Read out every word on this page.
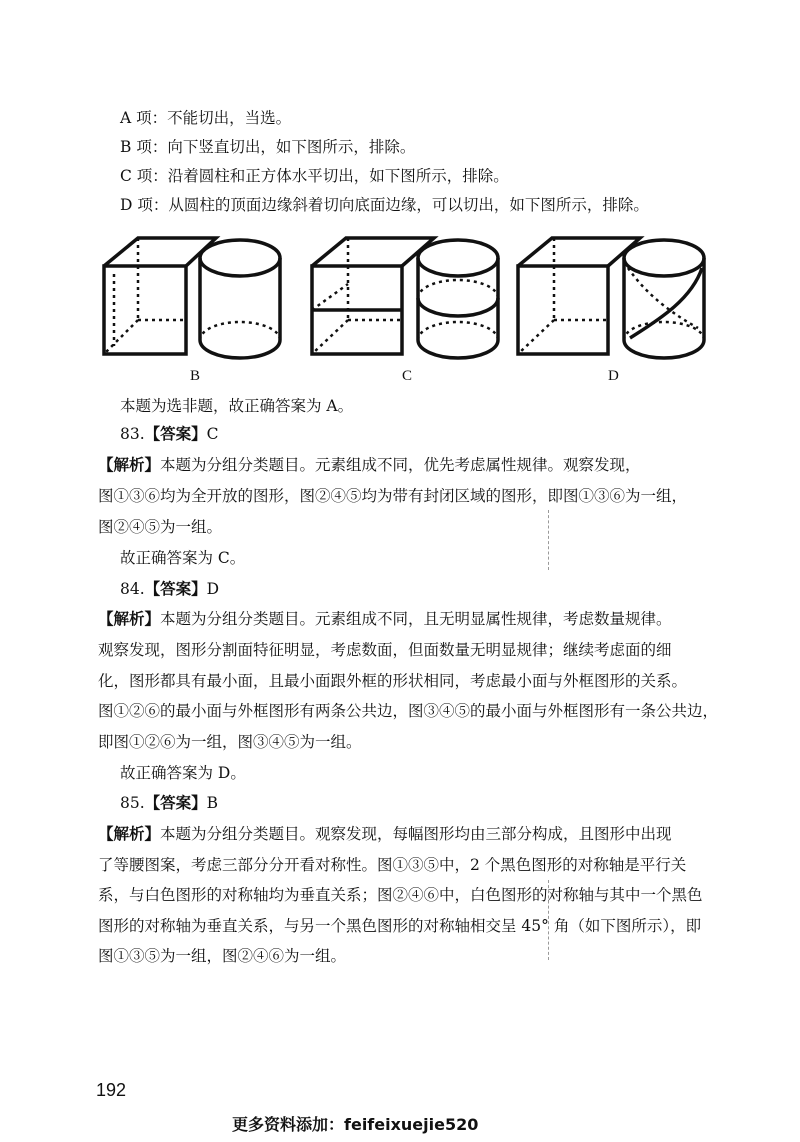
A 项：不能切出，当选。
B 项：向下竖直切出，如下图所示，排除。
C 项：沿着圆柱和正方体水平切出，如下图所示，排除。
D 项：从圆柱的顶面边缘斜着切向底面边缘，可以切出，如下图所示，排除。
B	C	D
本题为选非题，故正确答案为 A。
83.【答案】C
【解析】本题为分组分类题目。元素组成不同，优先考虑属性规律。观察发现，
图①③⑥均为全开放的图形，图②④⑤均为带有封闭区域的图形，即图①③⑥为一组，
图②④⑤为一组。
故正确答案为 C。
84.【答案】D
【解析】本题为分组分类题目。元素组成不同，且无明显属性规律，考虑数量规律。
观察发现，图形分割面特征明显，考虑数面，但面数量无明显规律；继续考虑面的细
化，图形都具有最小面，且最小面跟外框的形状相同，考虑最小面与外框图形的关系。
图①②⑥的最小面与外框图形有两条公共边，图③④⑤的最小面与外框图形有一条公共边，
即图①②⑥为一组，图③④⑤为一组。
故正确答案为 D。
85.【答案】B
【解析】本题为分组分类题目。观察发现，每幅图形均由三部分构成，且图形中出现
了等腰图案，考虑三部分分开看对称性。图①③⑤中，2 个黑色图形的对称轴是平行关
系，与白色图形的对称轴均为垂直关系；图②④⑥中，白色图形的对称轴与其中一个黑色
图形的对称轴为垂直关系，与另一个黑色图形的对称轴相交呈 45° 角（如下图所示），即
图①③⑤为一组，图②④⑥为一组。
192
更多资料添加：feifeixuejie520
